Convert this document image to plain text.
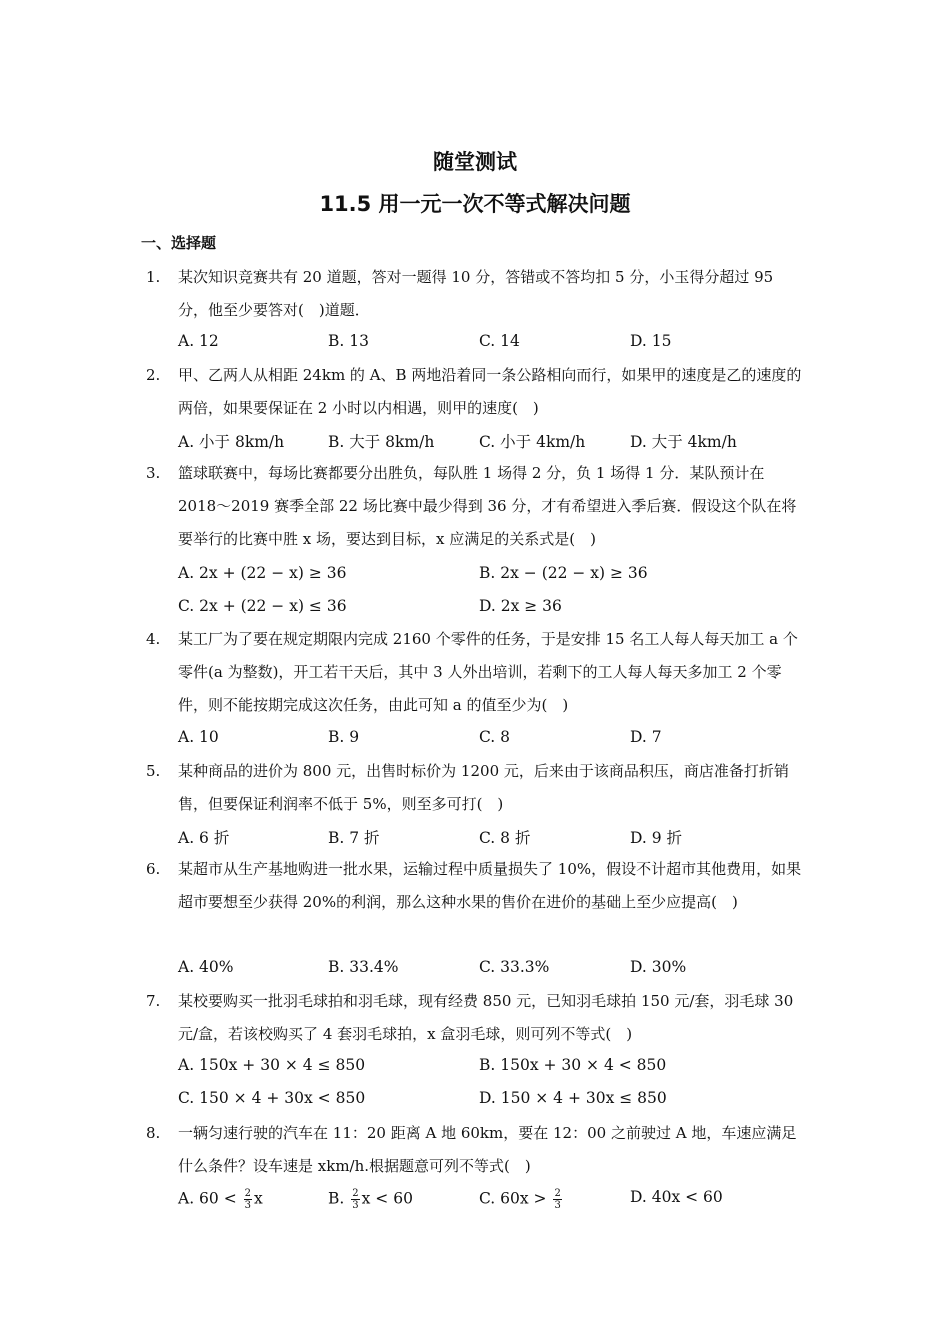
随堂测试
11.5 用一元一次不等式解决问题
一、选择题
1.	某次知识竞赛共有 20 道题，答对一题得 10 分，答错或不答均扣 5 分，小玉得分超过 95 分，他至少要答对(　)道题．
A. 12	B. 13	C. 14	D. 15
2.	甲、乙两人从相距 24km 的 A、B 两地沿着同一条公路相向而行，如果甲的速度是乙的速度的两倍，如果要保证在 2 小时以内相遇，则甲的速度(　)
A. 小于 8km/h	B. 大于 8km/h	C. 小于 4km/h	D. 大于 4km/h
3.	篮球联赛中，每场比赛都要分出胜负，每队胜 1 场得 2 分，负 1 场得 1 分．某队预计在 2018～2019 赛季全部 22 场比赛中最少得到 36 分，才有希望进入季后赛．假设这个队在将要举行的比赛中胜 x 场，要达到目标，x 应满足的关系式是(　)
A. 2x + (22 − x) ≥ 36	B. 2x − (22 − x) ≥ 36
C. 2x + (22 − x) ≤ 36	D. 2x ≥ 36
4.	某工厂为了要在规定期限内完成 2160 个零件的任务，于是安排 15 名工人每人每天加工 a 个零件(a 为整数)，开工若干天后，其中 3 人外出培训，若剩下的工人每人每天多加工 2 个零件，则不能按期完成这次任务，由此可知 a 的值至少为(　)
A. 10	B. 9	C. 8	D. 7
5.	某种商品的进价为 800 元，出售时标价为 1200 元，后来由于该商品积压，商店准备打折销售，但要保证利润率不低于 5%，则至多可打(　)
A. 6 折	B. 7 折	C. 8 折	D. 9 折
6.	某超市从生产基地购进一批水果，运输过程中质量损失了 10%，假设不计超市其他费用，如果超市要想至少获得 20%的利润，那么这种水果的售价在进价的基础上至少应提高(　)
A. 40%	B. 33.4%	C. 33.3%	D. 30%
7.	某校要购买一批羽毛球拍和羽毛球，现有经费 850 元，已知羽毛球拍 150 元/套，羽毛球 30 元/盒，若该校购买了 4 套羽毛球拍，x 盒羽毛球，则可列不等式(　)
A. 150x + 30 × 4 ≤ 850	B. 150x + 30 × 4 < 850
C. 150 × 4 + 30x < 850	D. 150 × 4 + 30x ≤ 850
8.	一辆匀速行驶的汽车在 11：20 距离 A 地 60km，要在 12：00 之前驶过 A 地，车速应满足什么条件？设车速是 xkm/h.根据题意可列不等式(　)
A. $60 < \frac{2}{3}$ x	B. $\frac{2}{3}$ x < 60	C. $60x > \frac{2}{3}$	D. 40x < 60
